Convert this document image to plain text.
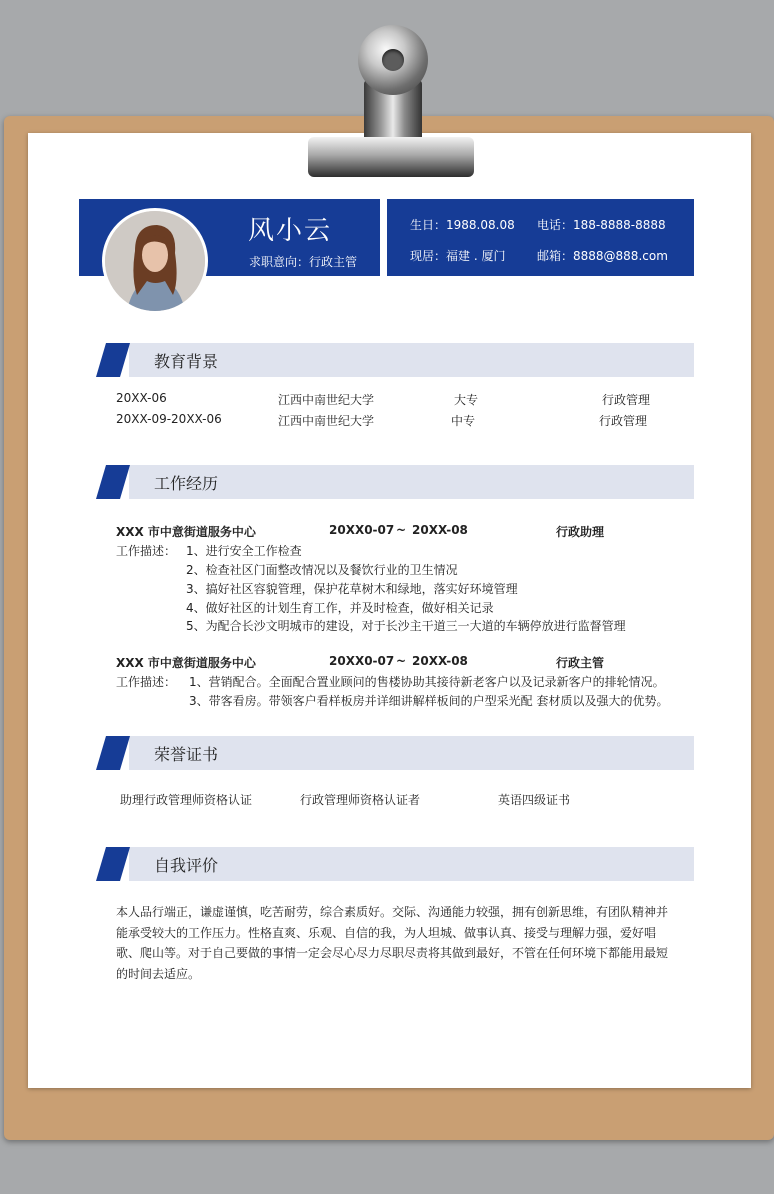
风小云
求职意向：行政主管
生日：1988.08.08 电话：188-8888-8888
现居：福建 . 厦门	邮箱：8888@888.com
教育背景
20XX-06	江西中南世纪大学	大专	行政管理
20XX-09-20XX-06	江西中南世纪大学	中专	行政管理
工作经历
XXX 市中意街道服务中心	20XX0-07 ~ 20XX-08	行政助理
工作描述： 1、进行安全工作检查
2、检查社区门面整改情况以及餐饮行业的卫生情况
3、搞好社区容貌管理，保护花草树木和绿地，落实好环境管理
4、做好社区的计划生育工作，并及时检查，做好相关记录
5、为配合长沙文明城市的建设，对于长沙主干道三一大道的车辆停放进行监督管理
XXX 市中意街道服务中心	20XX0-07 ~ 20XX-08	行政主管
工作描述： 1、营销配合。全面配合置业顾问的售楼协助其接待新老客户以及记录新客户的排轮情况。
3、带客看房。带领客户看样板房并详细讲解样板间的户型采光配 套材质以及强大的优势。
荣誉证书
助理行政管理师资格认证	行政管理师资格认证者	英语四级证书
自我评价
本人品行端正，谦虚谨慎，吃苦耐劳，综合素质好。交际、沟通能力较强，拥有创新思维，有团队精神并能承受较大的工作压力。性格直爽、乐观、自信的我，为人坦城、做事认真、接受与理解力强，爱好唱歌、爬山等。对于自己要做的事情一定会尽心尽力尽职尽责将其做到最好，不管在任何环境下都能用最短的时间去适应。
